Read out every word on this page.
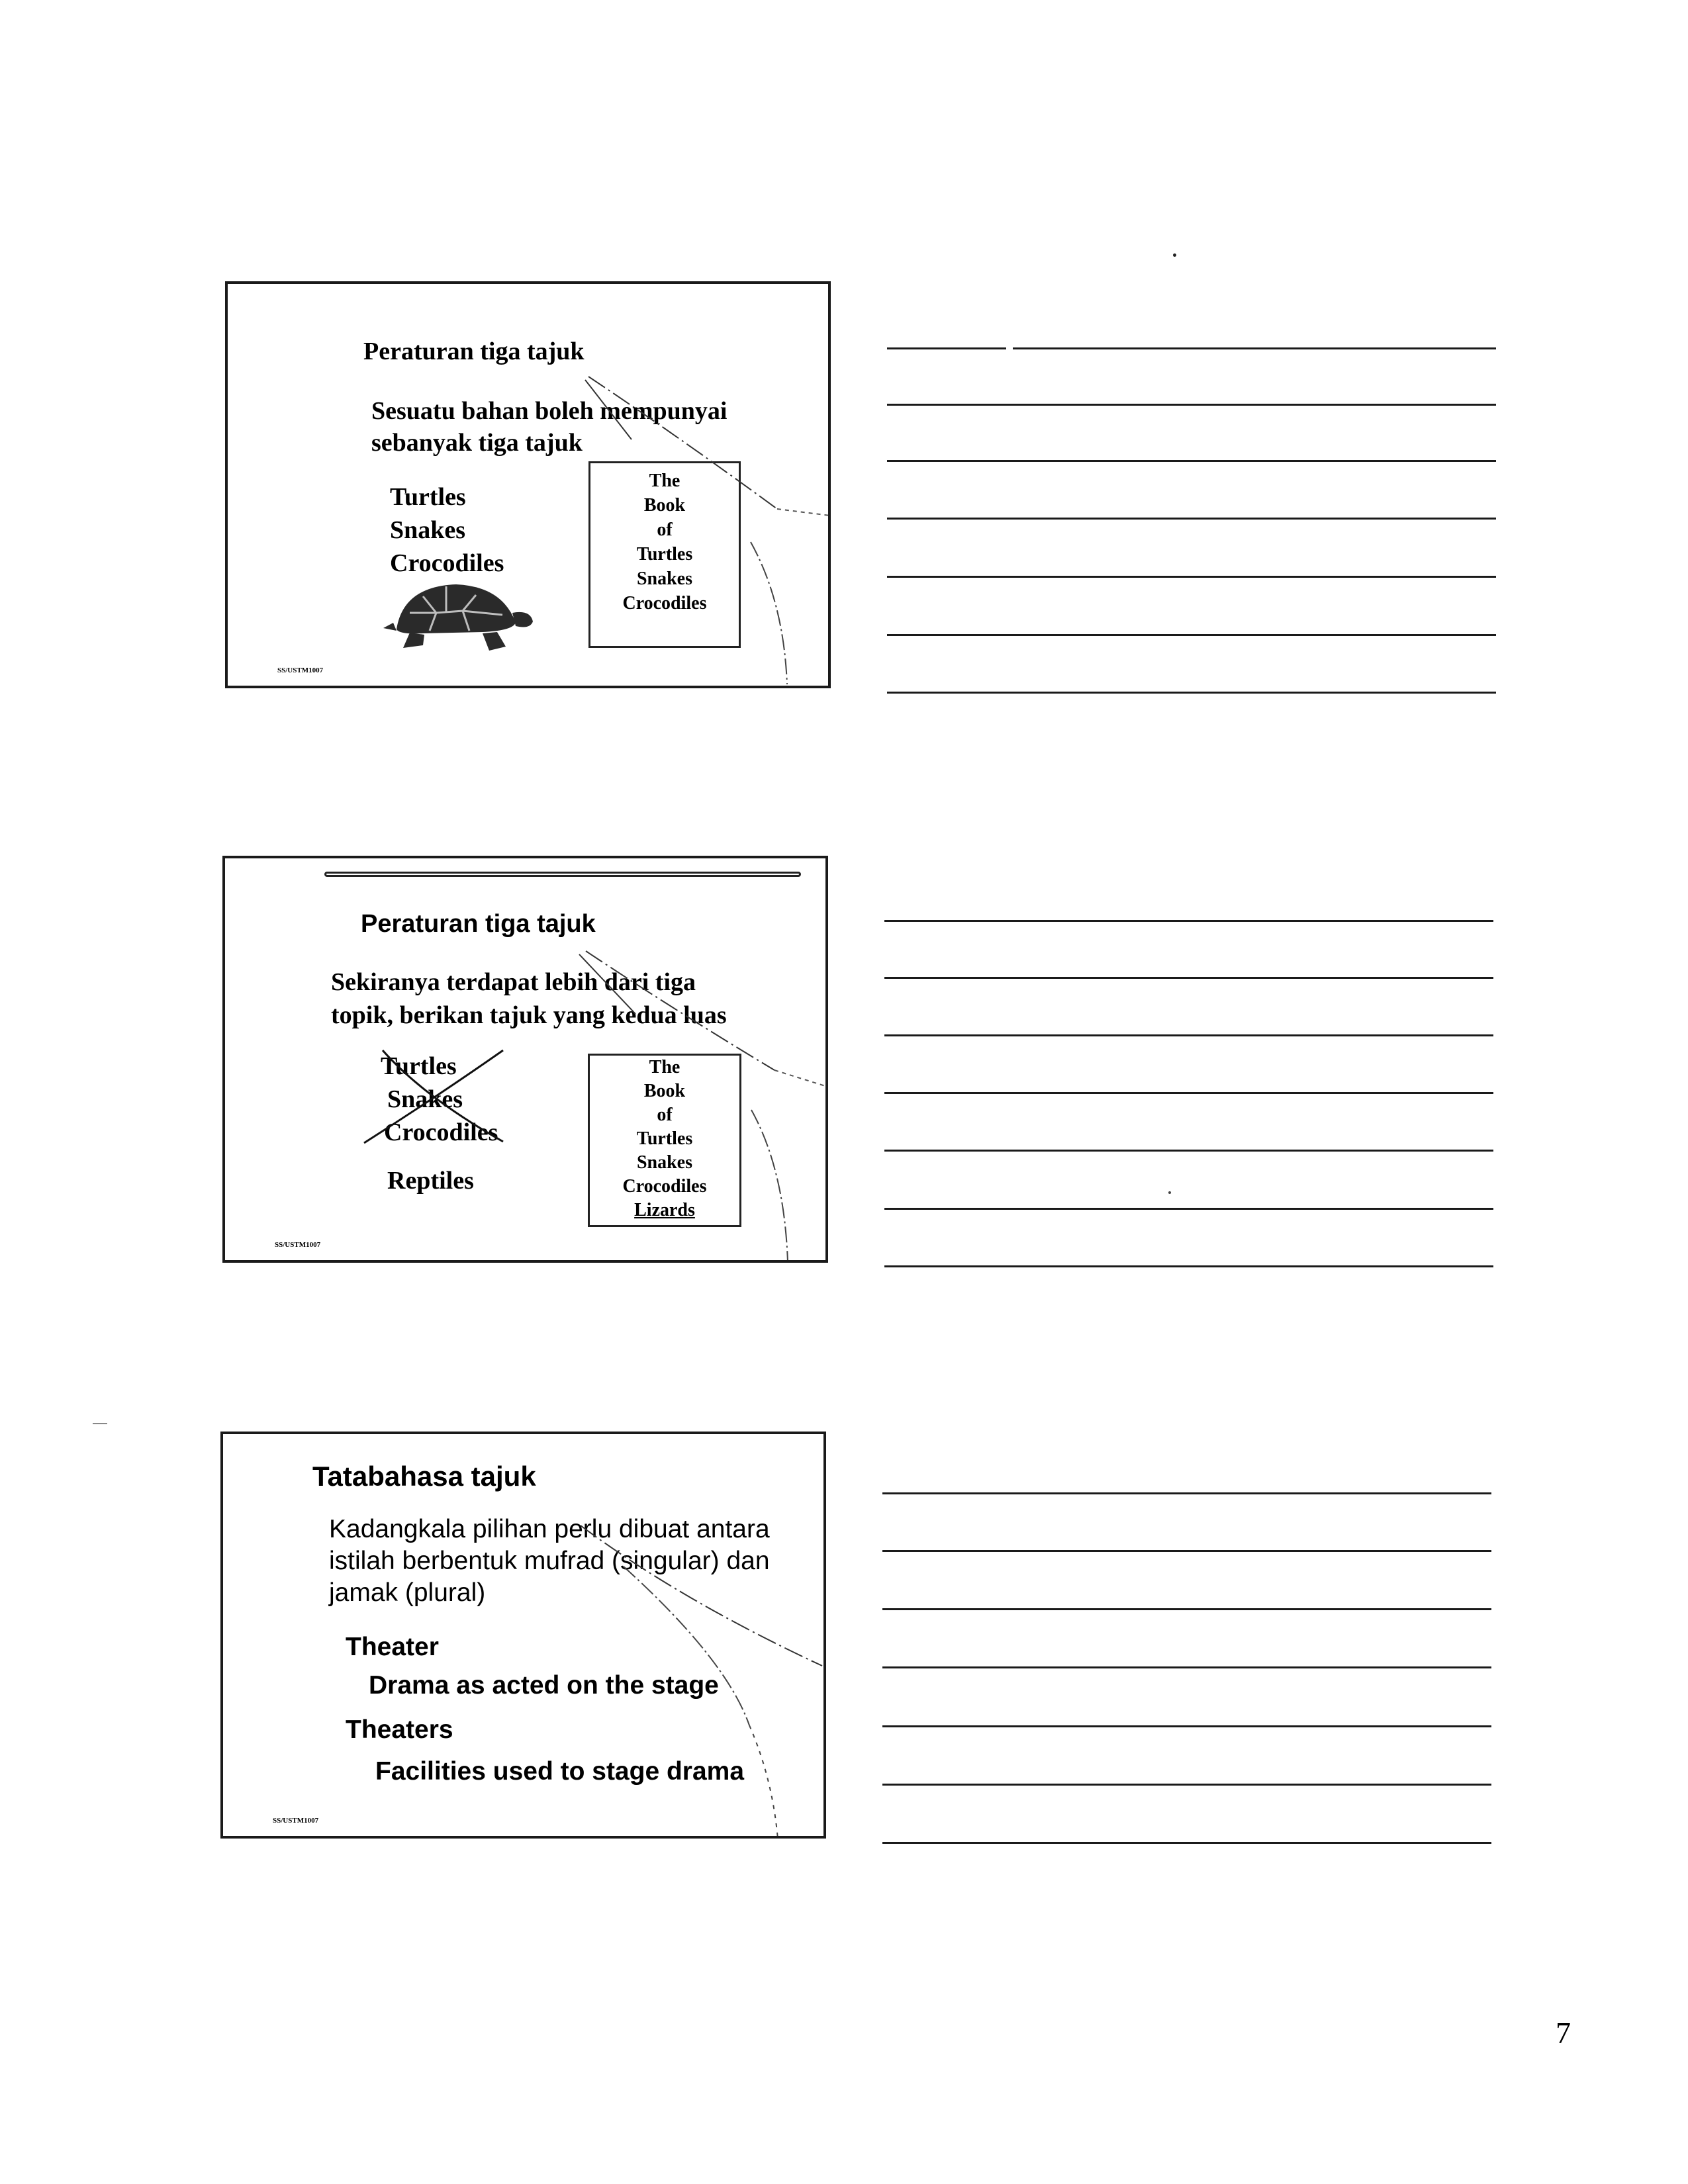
Peraturan tiga tajuk
Sesuatu bahan boleh mempunyai
sebanyak tiga tajuk
Turtles
Snakes
Crocodiles
The
Book
of
Turtles
Snakes
Crocodiles
SS/USTM1007
Peraturan tiga tajuk
Sekiranya terdapat lebih dari tiga
topik, berikan tajuk yang kedua luas
Turtles
Snakes
Crocodiles
Reptiles
The
Book
of
Turtles
Snakes
Crocodiles
Lizards
SS/USTM1007
Tatabahasa tajuk
Kadangkala pilihan perlu dibuat antara
istilah berbentuk mufrad (singular) dan
jamak (plural)
Theater
Drama as acted on the stage
Theaters
Facilities used to stage drama
SS/USTM1007
7
